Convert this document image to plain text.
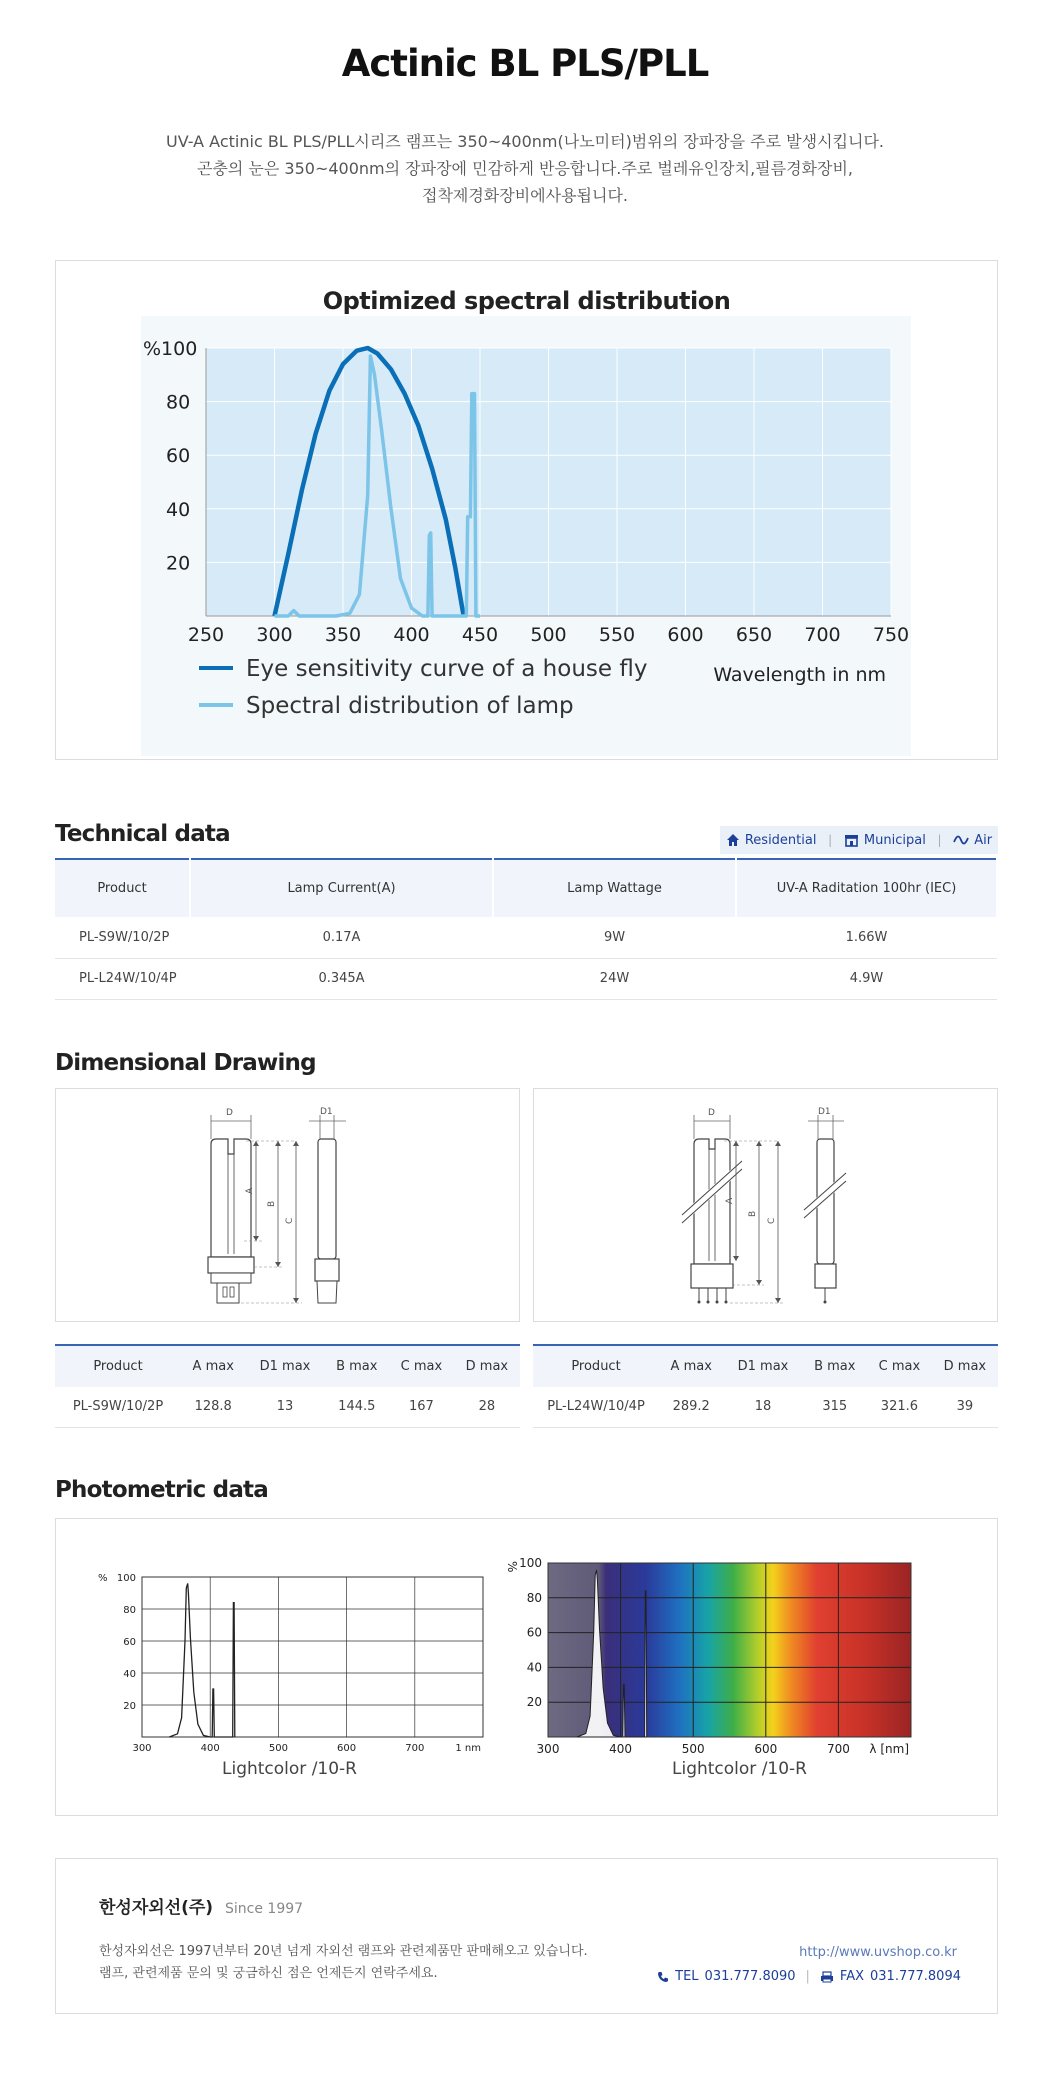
Actinic BL PLS/PLL
UV-A Actinic BL PLS/PLL시리즈 램프는 350~400nm(나노미터)범위의 장파장을 주로 발생시킵니다.
곤충의 눈은 350~400nm의 장파장에 민감하게 반응합니다.주로 벌레유인장치,필름경화장비,
접착제경화장비에사용됩니다.
Optimized spectral distribution
250 300 350 400 450 500 550 600 650 700 750
20
40
60
80
%100
Eye sensitivity curve of a house fly
Spectral distribution of lamp
Wavelength in nm
Technical data	Residential | Municipal |	Air
Product	Lamp Current(A)	Lamp Wattage	UV-A Raditation 100hr (IEC)
PL-S9W/10/2P	0.17A	9W	1.66W
PL-L24W/10/4P	0.345A	24W	4.9W
Dimensional Drawing
D
A
B
C
D1	D
A
B
C
D1
Product	A max	D1 max	B max	C max	D max
PL-S9W/10/2P	128.8	13	144.5	167	28
Product	A max	D1 max	B max	C max	D max
PL-L24W/10/4P	289.2	18	315	321.6	39
Photometric data
300	400	500	600	700	1 nm
20
40
60
80
100
%
Lightcolor /10-R
300	400	500	600	700 λ [nm]
20
40
60
80
100
%
Lightcolor /10-R
한성자외선(주) Since 1997
한성자외선은 1997년부터 20년 넘게 자외선 램프와 관련제품만 판매해오고 있습니다.
램프, 관련제품 문의 및 궁금하신 점은 언제든지 연락주세요.
http://www.uvshop.co.kr
TEL 031.777.8090 | FAX 031.777.8094
